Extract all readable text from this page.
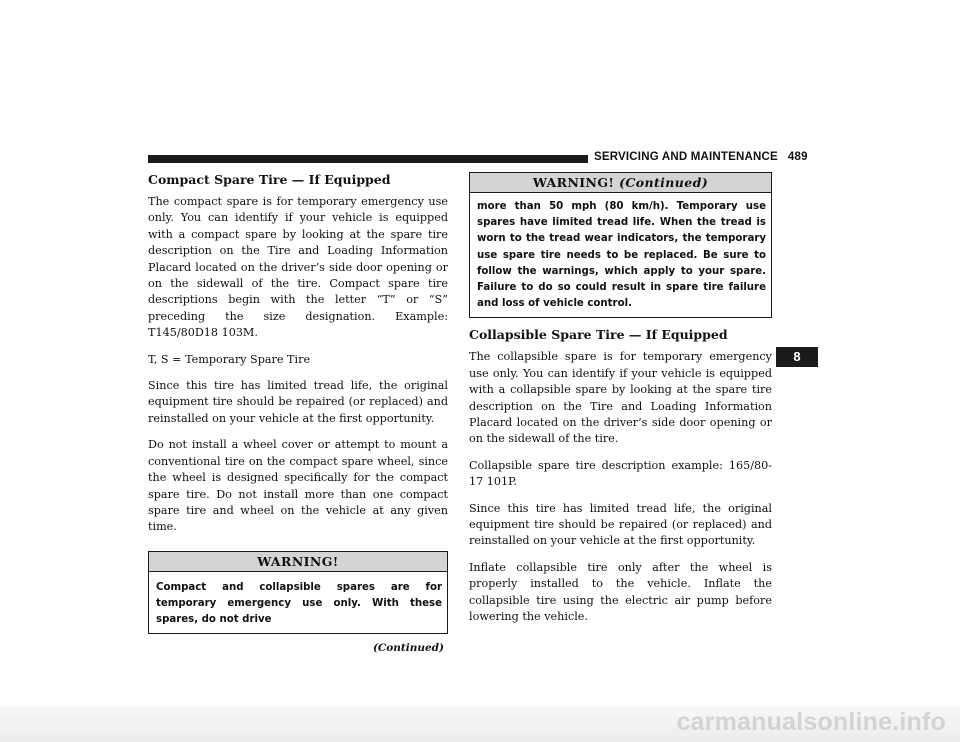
SERVICING AND MAINTENANCE 489
8
Compact Spare Tire — If Equipped

The compact spare is for temporary emergency use only. You can identify if your vehicle is equipped with a compact spare by looking at the spare tire description on the Tire and Loading Information Placard located on the driver’s side door opening or on the sidewall of the tire. Compact spare tire descriptions begin with the letter “T” or “S” preceding the size designation. Example: T145/80D18 103M.

T, S = Temporary Spare Tire

Since this tire has limited tread life, the original equipment tire should be repaired (or replaced) and reinstalled on your vehicle at the first opportunity.

Do not install a wheel cover or attempt to mount a conventional tire on the compact spare wheel, since the wheel is designed specifically for the compact spare tire. Do not install more than one compact spare tire and wheel on the vehicle at any given time.

WARNING!
Compact and collapsible spares are for temporary emergency use only. With these spares, do not drive
(Continued)
WARNING! (Continued)
more than 50 mph (80 km/h). Temporary use spares have limited tread life. When the tread is worn to the tread wear indicators, the temporary use spare tire needs to be replaced. Be sure to follow the warnings, which apply to your spare. Failure to do so could result in spare tire failure and loss of vehicle control.
Collapsible Spare Tire — If Equipped

The collapsible spare is for temporary emergency use only. You can identify if your vehicle is equipped with a collapsible spare by looking at the spare tire description on the Tire and Loading Information Placard located on the driver’s side door opening or on the sidewall of the tire.

Collapsible spare tire description example: 165/80-17 101P.

Since this tire has limited tread life, the original equipment tire should be repaired (or replaced) and reinstalled on your vehicle at the first opportunity.

Inflate collapsible tire only after the wheel is properly installed to the vehicle. Inflate the collapsible tire using the electric air pump before lowering the vehicle.

carmanualsonline.info
